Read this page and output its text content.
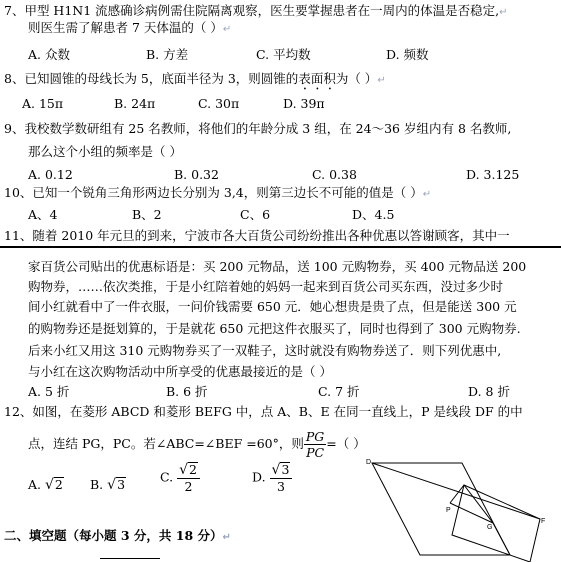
7、甲型 H1N1 流感确诊病例需住院隔离观察，医生要掌握患者在一周内的体温是否稳定,↵
则医生需了解患者 7 天体温的（ ）↵
A. 众数	B. 方差	C. 平均数	D. 频数
8、已知圆锥的母线长为 5，底面半径为 3，则圆锥的表面积为（ ）↵
A. 15π	B. 24π	C. 30π	D. 39π
9、我校数学数研组有 25 名教师，将他们的年龄分成 3 组，在 24～36 岁组内有 8 名教师,
那么这个小组的频率是（ ）
A. 0.12	B. 0.32	C. 0.38	D. 3.125
10、已知一个锐角三角形两边长分别为 3,4，则第三边长不可能的值是（ ）↵
A、4	B、2	C、6	D、4.5
11、随着 2010 年元旦的到来，宁波市各大百货公司纷纷推出各种优惠以答谢顾客，其中一
家百货公司贴出的优惠标语是：买 200 元物品，送 100 元购物券，买 400 元物品送 200
购物券，……依次类推，于是小红陪着她的妈妈一起来到百货公司买东西，没过多少时
间小红就看中了一件衣服，一问价钱需要 650 元．她心想贵是贵了点，但是能送 300 元
的购物券还是挺划算的，于是就花 650 元把这件衣服买了，同时也得到了 300 元购物券.
后来小红又用这 310 元购物券买了一双鞋子，这时就没有购物券送了．则下列优惠中,
与小红在这次购物活动中所享受的优惠最接近的是（ ）
A. 5 折	B. 6 折	C. 7 折	D. 8 折
12、如图，在菱形 ABCD 和菱形 BEFG 中，点 A、B、E 在同一直线上，P 是线段 DF 的中
点，连结 PG，PC。若∠ABC=∠BEF =60°，则 $\frac{PG}{PC}$ =（ ）
A. √2 B. √3	C. $\frac{√2}{2}$	D. $\frac{√3}{3}$	D
P
G
F
二、填空题（每小题 3 分，共 18 分）↵
